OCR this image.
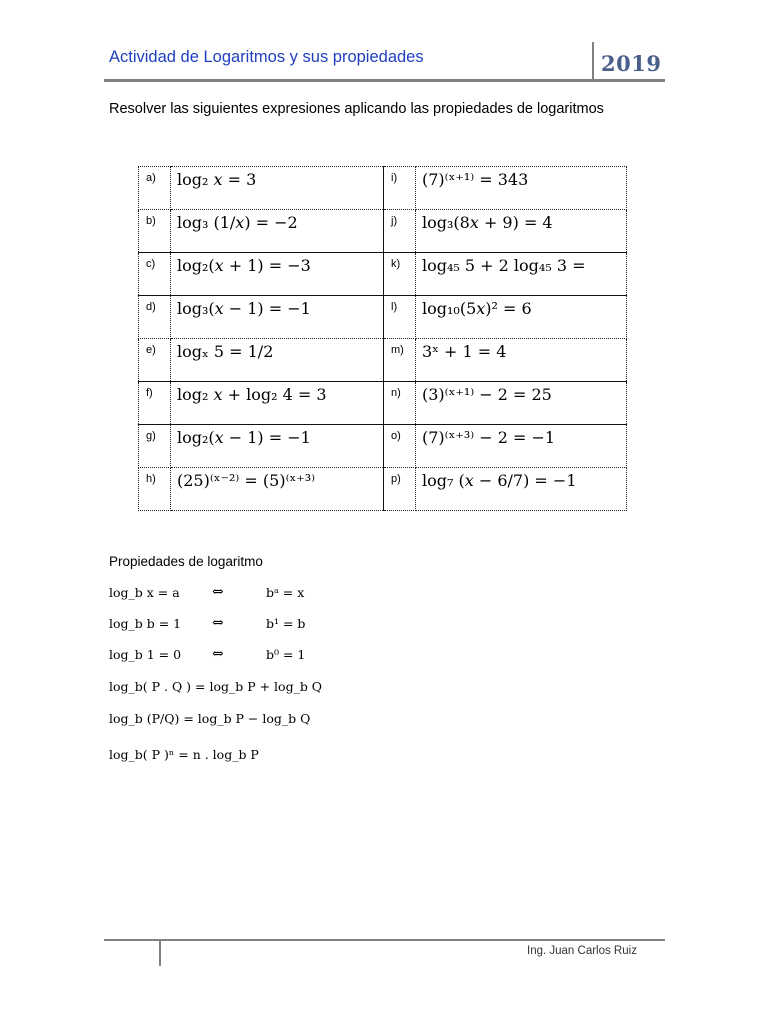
Actividad de Logaritmos y sus propiedades	2019
Resolver las siguientes expresiones aplicando las propiedades de logaritmos
a)	log₂ 𝑥 = 3	i)	(7)⁽ˣ⁺¹⁾ = 343
b)	log₃ (1/𝑥) = −2	j)	log₃(8𝑥 + 9) = 4
c)	log₂(𝑥 + 1) = −3	k)	log₄₅ 5 + 2 log₄₅ 3 =
d)	log₃(𝑥 − 1) = −1	l)	log₁₀(5𝑥)² = 6
e)	logₓ 5 = 1/2	m)	3ˣ + 1 = 4
f)	log₂ 𝑥 + log₂ 4 = 3	n)	(3)⁽ˣ⁺¹⁾ − 2 = 25
g)	log₂(𝑥 − 1) = −1	o)	(7)⁽ˣ⁺³⁾ − 2 = −1
h)	(25)⁽ˣ⁻²⁾ = (5)⁽ˣ⁺³⁾	p)	log₇ (𝑥 − 6/7) = −1
Propiedades de logaritmo
log_b x = a ⇔	bᵃ = x
log_b b = 1 ⇔	b¹ = b
log_b 1 = 0 ⇔	b⁰ = 1
log_b( P . Q ) = log_b P + log_b Q
log_b (P/Q) = log_b P − log_b Q
log_b( P )ⁿ = n . log_b P
Ing. Juan Carlos Ruiz
